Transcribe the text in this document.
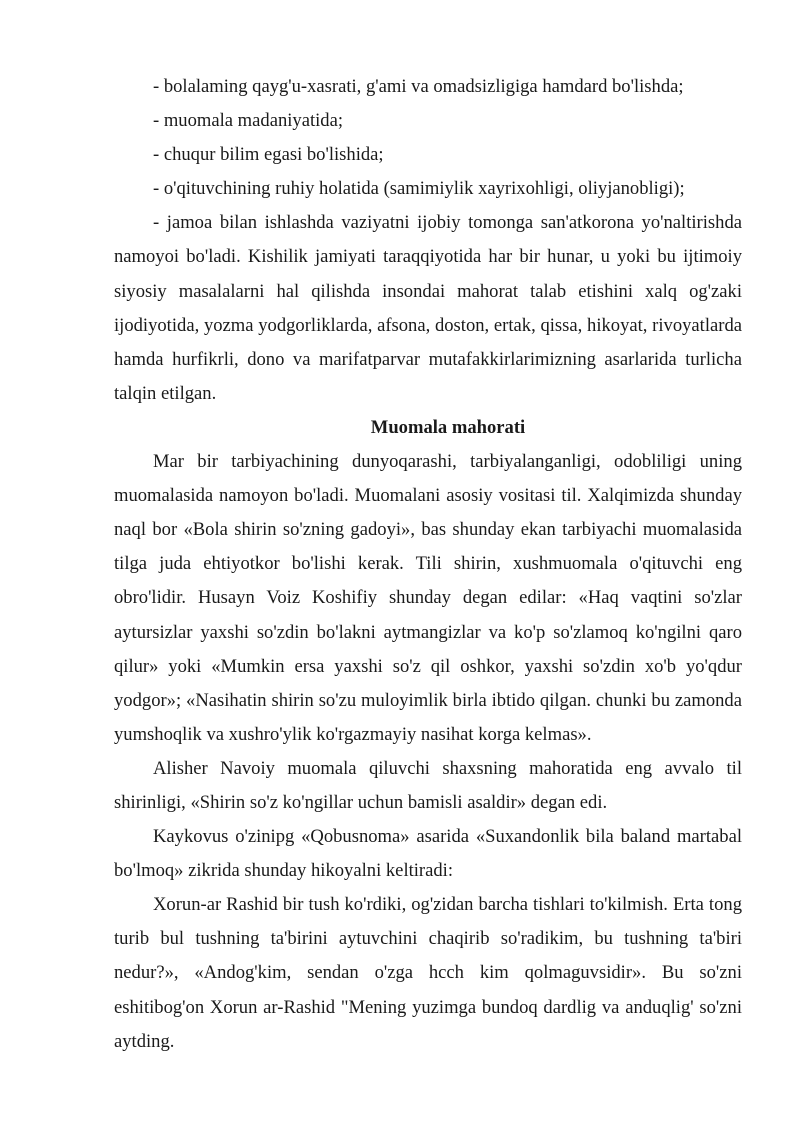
- bolalaming qayg'u-xasrati, g'ami va omadsizligiga hamdard bo'lishda;

- muomala madaniyatida;

- chuqur bilim egasi bo'lishida;

- o'qituvchining ruhiy holatida (samimiylik xayrixohligi, oliyjanobligi);

- jamoa bilan ishlashda vaziyatni ijobiy tomonga san'atkorona yo'naltirishda namoyoi bo'ladi. Kishilik jamiyati taraqqiyotida har bir hunar, u yoki bu ijtimoiy siyosiy masalalarni hal qilishda insondai mahorat talab etishini xalq og'zaki ijodiyotida, yozma yodgorliklarda, afsona, doston, ertak, qissa, hikoyat, rivoyatlarda hamda hurfikrli, dono va marifatparvar mutafakkirlarimizning asarlarida turlicha talqin etilgan.

Muomala mahorati

Mar bir tarbiyachining dunyoqarashi, tarbiyalanganligi, odobliligi uning muomalasida namoyon bo'ladi. Muomalani asosiy vositasi til. Xalqimizda shunday naql bor «Bola shirin so'zning gadoyi», bas shunday ekan tarbiyachi muomalasida tilga juda ehtiyotkor bo'lishi kerak. Tili shirin, xushmuomala o'qituvchi eng obro'lidir. Husayn Voiz Koshifiy shunday degan edilar: «Haq vaqtini so'zlar aytursizlar yaxshi so'zdin bo'lakni aytmangizlar va ko'p so'zlamoq ko'ngilni qaro qilur» yoki «Mumkin ersa yaxshi so'z qil oshkor, yaxshi so'zdin xo'b yo'qdur yodgor»; «Nasihatin shirin so'zu muloyimlik birla ibtido qilgan. chunki bu zamonda yumshoqlik va xushro'ylik ko'rgazmayiy nasihat korga kelmas».

Alisher Navoiy muomala qiluvchi shaxsning mahoratida eng avvalo til shirinligi, «Shirin so'z ko'ngillar uchun bamisli asaldir» degan edi.

Kaykovus o'zinipg «Qobusnoma» asarida «Suxandonlik bila baland martabal bo'lmoq» zikrida shunday hikoyalni keltiradi:

Xorun-ar Rashid bir tush ko'rdiki, og'zidan barcha tishlari to'kilmish. Erta tong turib bul tushning ta'birini aytuvchini chaqirib so'radikim, bu tushning ta'biri nedur?», «Andog'kim, sendan o'zga hcch kim qolmaguvsidir». Bu so'zni eshitibog'on Xorun ar-Rashid "Mening yuzimga bundoq dardlig va anduqlig' so'zni aytding.
